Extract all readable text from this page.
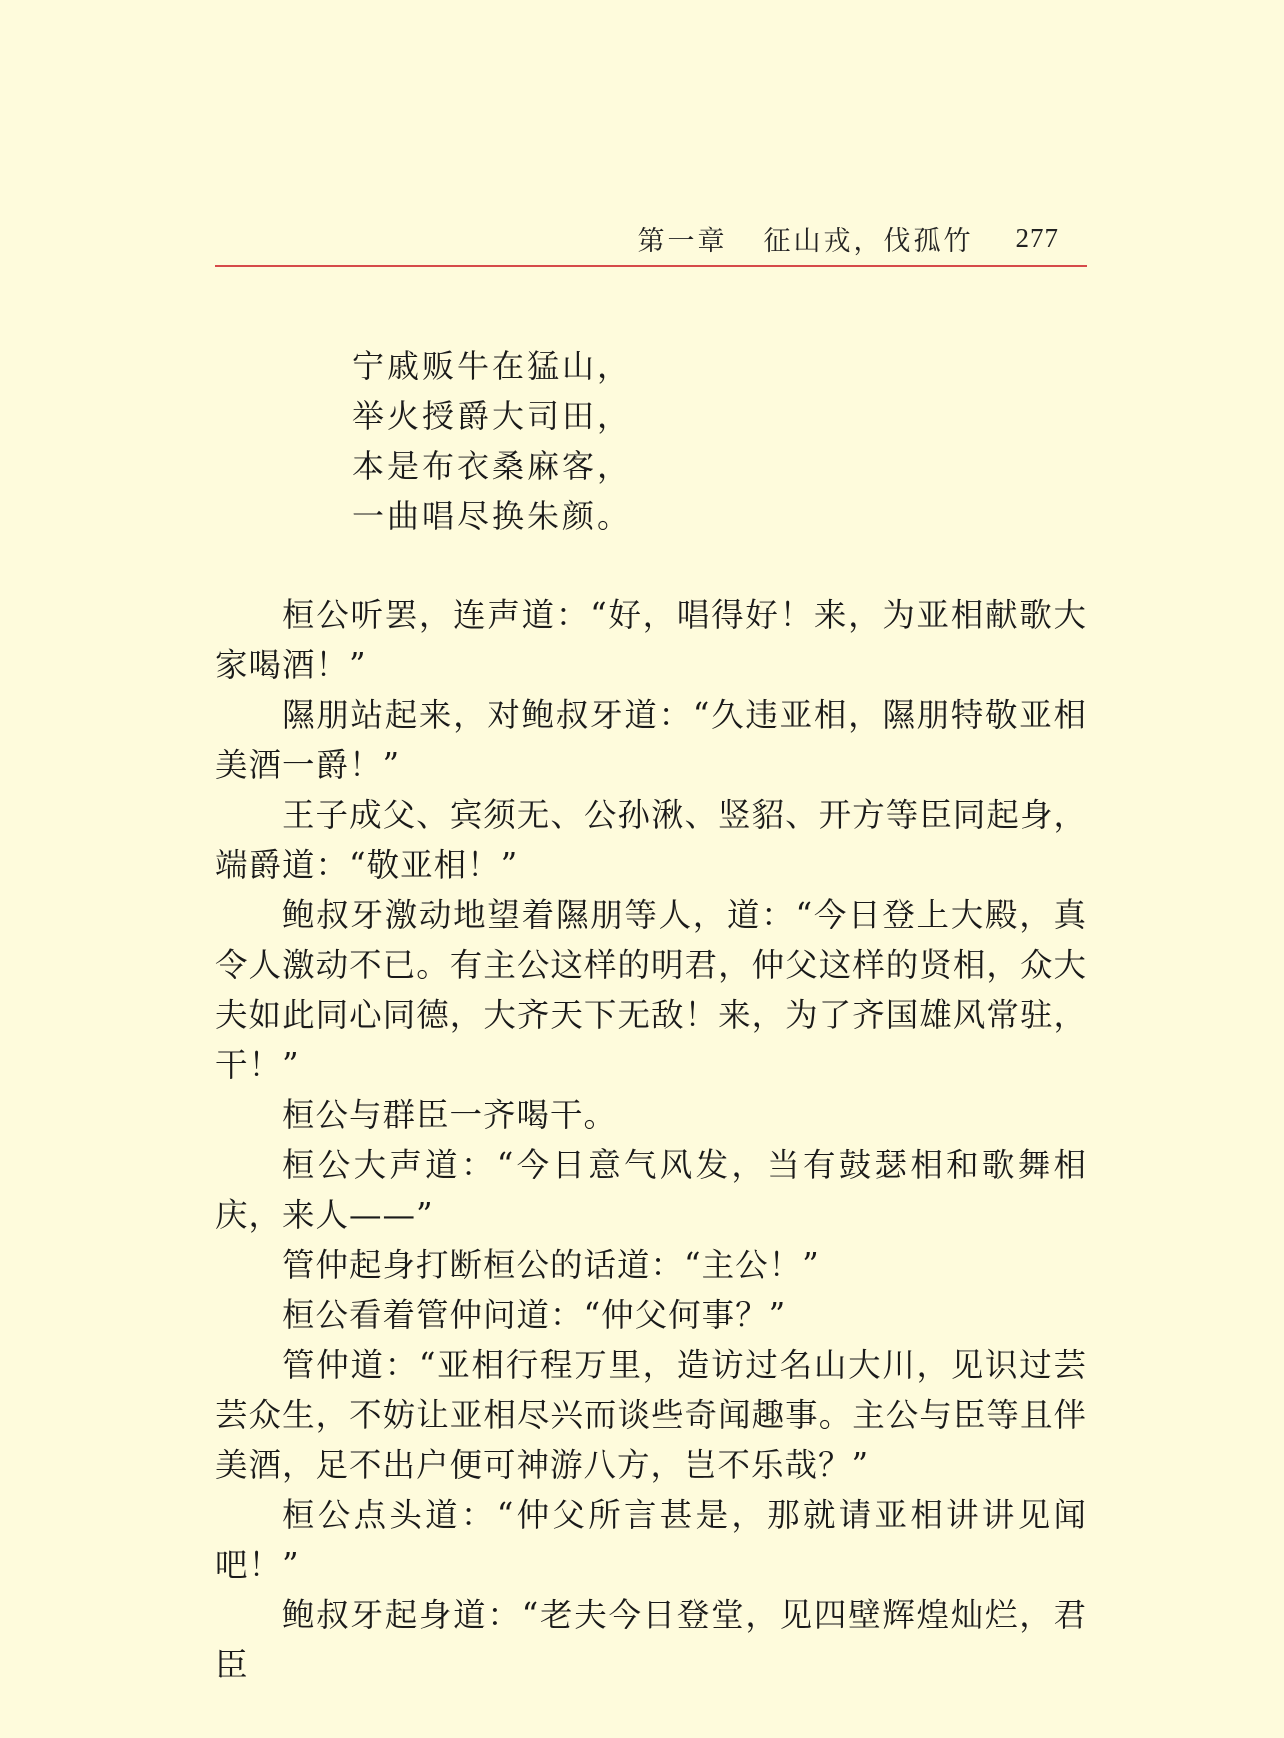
第一章 征山戎，伐孤竹 277
宁戚贩牛在猛山，
举火授爵大司田，
本是布衣桑麻客，
一曲唱尽换朱颜。

桓公听罢，连声道：“好，唱得好！来，为亚相献歌大家喝酒！”

隰朋站起来，对鲍叔牙道：“久违亚相，隰朋特敬亚相美酒一爵！”

王子成父、宾须无、公孙湫、竖貂、开方等臣同起身，端爵道：“敬亚相！”

鲍叔牙激动地望着隰朋等人，道：“今日登上大殿，真令人激动不已。有主公这样的明君，仲父这样的贤相，众大夫如此同心同德，大齐天下无敌！来，为了齐国雄风常驻，干！”

桓公与群臣一齐喝干。

桓公大声道：“今日意气风发，当有鼓瑟相和歌舞相庆，来人——”

管仲起身打断桓公的话道：“主公！”

桓公看着管仲问道：“仲父何事？”

管仲道：“亚相行程万里，造访过名山大川，见识过芸芸众生，不妨让亚相尽兴而谈些奇闻趣事。主公与臣等且伴美酒，足不出户便可神游八方，岂不乐哉？”

桓公点头道：“仲父所言甚是，那就请亚相讲讲见闻吧！”

鲍叔牙起身道：“老夫今日登堂，见四壁辉煌灿烂，君臣
